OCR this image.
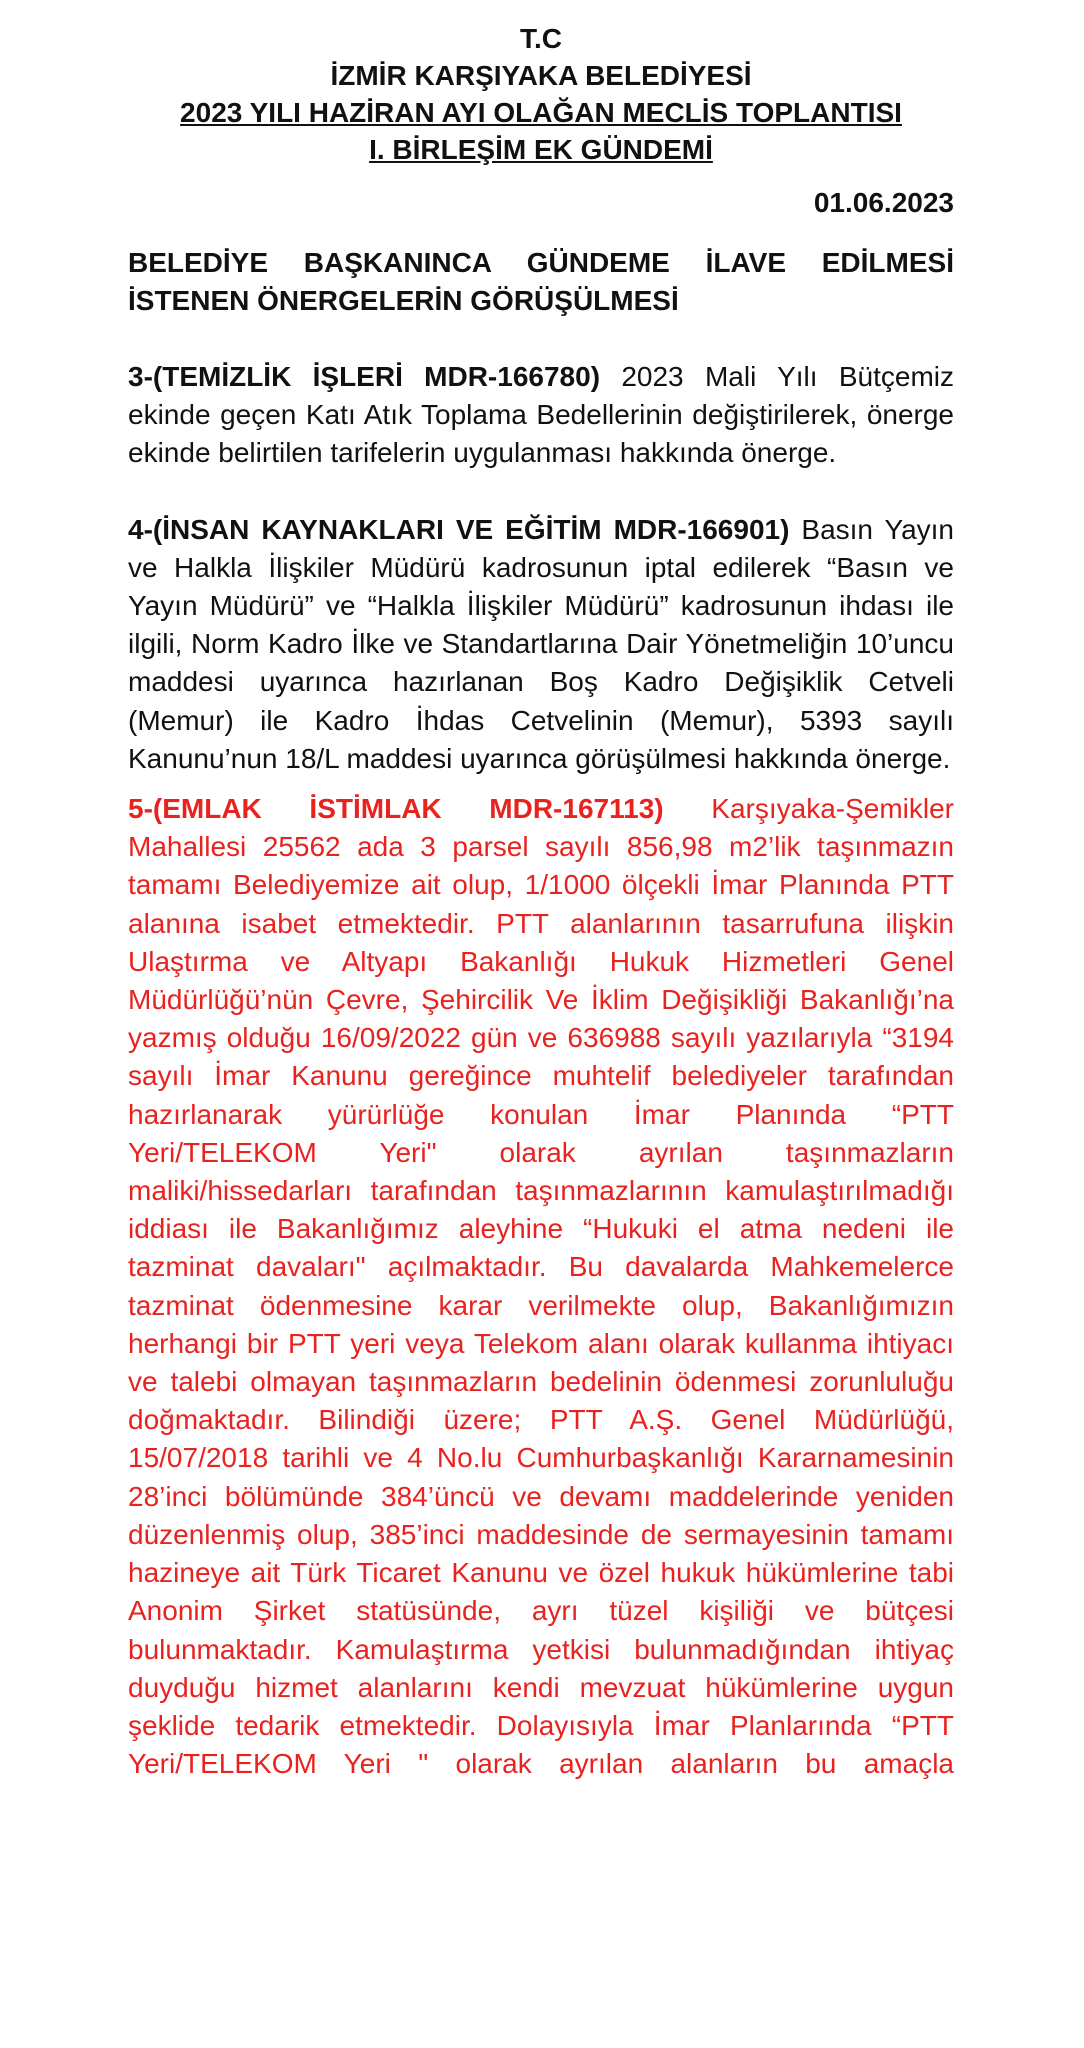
T.C

İZMİR KARŞIYAKA BELEDİYESİ

2023 YILI HAZİRAN AYI OLAĞAN MECLİS TOPLANTISI

I. BİRLEŞİM EK GÜNDEMİ

01.06.2023
BELEDİYE BAŞKANINCA GÜNDEME İLAVE EDİLMESİ İSTENEN ÖNERGELERİN GÖRÜŞÜLMESİ

3-(TEMİZLİK İŞLERİ MDR-166780) 2023 Mali Yılı Bütçemiz ekinde geçen Katı Atık Toplama Bedellerinin değiştirilerek, önerge ekinde belirtilen tarifelerin uygulanması hakkında önerge.

4-(İNSAN KAYNAKLARI VE EĞİTİM MDR-166901) Basın Yayın ve Halkla İlişkiler Müdürü kadrosunun iptal edilerek “Basın ve Yayın Müdürü” ve “Halkla İlişkiler Müdürü” kadrosunun ihdası ile ilgili, Norm Kadro İlke ve Standartlarına Dair Yönetmeliğin 10’uncu maddesi uyarınca hazırlanan Boş Kadro Değişiklik Cetveli (Memur) ile Kadro İhdas Cetvelinin (Memur), 5393 sayılı Kanunu’nun 18/L maddesi uyarınca görüşülmesi hakkında önerge.

5-(EMLAK İSTİMLAK MDR-167113) Karşıyaka-Şemikler Mahallesi 25562 ada 3 parsel sayılı 856,98 m2’lik taşınmazın tamamı Belediyemize ait olup, 1/1000 ölçekli İmar Planında PTT alanına isabet etmektedir. PTT alanlarının tasarrufuna ilişkin Ulaştırma ve Altyapı Bakanlığı Hukuk Hizmetleri Genel Müdürlüğü’nün Çevre, Şehircilik Ve İklim Değişikliği Bakanlığı’na yazmış olduğu 16/09/2022 gün ve 636988 sayılı yazılarıyla “3194 sayılı İmar Kanunu gereğince muhtelif belediyeler tarafından hazırlanarak yürürlüğe konulan İmar Planında “PTT Yeri/TELEKOM Yeri" olarak ayrılan taşınmazların maliki/hissedarları tarafından taşınmazlarının kamulaştırılmadığı iddiası ile Bakanlığımız aleyhine “Hukuki el atma nedeni ile tazminat davaları" açılmaktadır. Bu davalarda Mahkemelerce tazminat ödenmesine karar verilmekte olup, Bakanlığımızın herhangi bir PTT yeri veya Telekom alanı olarak kullanma ihtiyacı ve talebi olmayan taşınmazların bedelinin ödenmesi zorunluluğu doğmaktadır. Bilindiği üzere; PTT A.Ş. Genel Müdürlüğü, 15/07/2018 tarihli ve 4 No.lu Cumhurbaşkanlığı Kararnamesinin 28’inci bölümünde 384’üncü ve devamı maddelerinde yeniden düzenlenmiş olup, 385’inci maddesinde de sermayesinin tamamı hazineye ait Türk Ticaret Kanunu ve özel hukuk hükümlerine tabi Anonim Şirket statüsünde, ayrı tüzel kişiliği ve bütçesi bulunmaktadır. Kamulaştırma yetkisi bulunmadığından ihtiyaç duyduğu hizmet alanlarını kendi mevzuat hükümlerine uygun şeklide tedarik etmektedir. Dolayısıyla İmar Planlarında “PTT Yeri/TELEKOM Yeri " olarak ayrılan alanların bu amaçla
